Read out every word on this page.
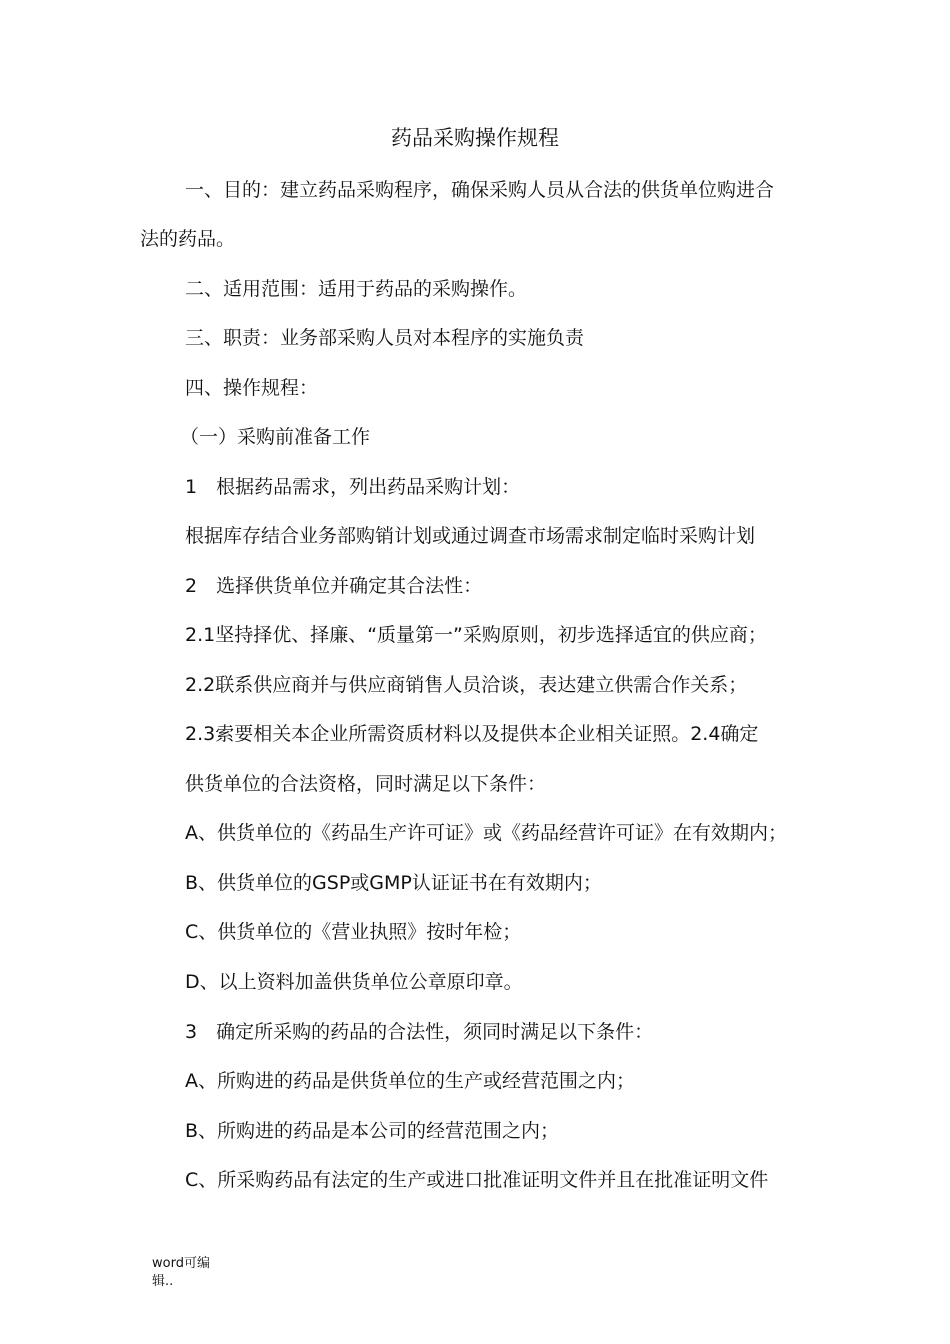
药品采购操作规程
一、目的：建立药品采购程序，确保采购人员从合法的供货单位购进合
法的药品。
二、适用范围：适用于药品的采购操作。
三、职责：业务部采购人员对本程序的实施负责
四、操作规程：
（一）采购前准备工作
1　根据药品需求，列出药品采购计划：
根据库存结合业务部购销计划或通过调查市场需求制定临时采购计划
2　选择供货单位并确定其合法性：
2.1坚持择优、择廉、“质量第一”采购原则，初步选择适宜的供应商；
2.2联系供应商并与供应商销售人员洽谈，表达建立供需合作关系；
2.3索要相关本企业所需资质材料以及提供本企业相关证照。2.4确定
供货单位的合法资格，同时满足以下条件：
A、供货单位的《药品生产许可证》或《药品经营许可证》在有效期内；
B、供货单位的GSP或GMP认证证书在有效期内；
C、供货单位的《营业执照》按时年检；
D、以上资料加盖供货单位公章原印章。
3　确定所采购的药品的合法性，须同时满足以下条件：
A、所购进的药品是供货单位的生产或经营范围之内；
B、所购进的药品是本公司的经营范围之内；
C、所采购药品有法定的生产或进口批准证明文件并且在批准证明文件
word可编
辑..
